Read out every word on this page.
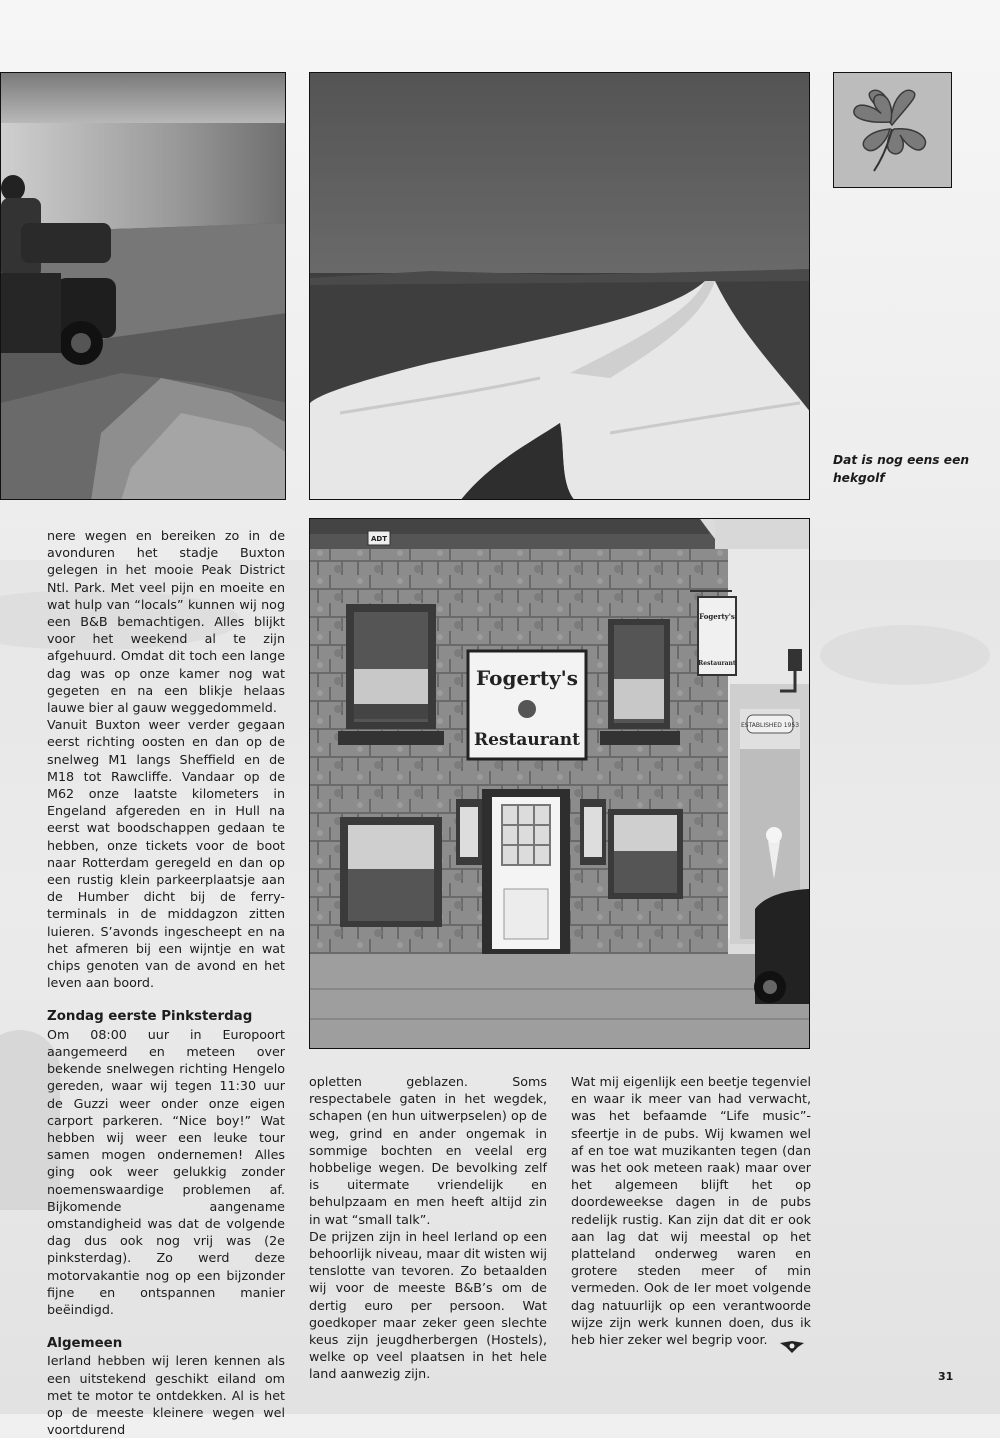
Dat is nog eens een hekgolf
ESTABLISHED 1953
Fogerty's
Restaurant
Fogerty's
Restaurant
ADT

nere wegen en bereiken zo in de avonduren het stadje Buxton gelegen in het mooie Peak District Ntl. Park. Met veel pijn en moeite en wat hulp van “locals” kunnen wij nog een B&B bemachtigen. Alles blijkt voor het weekend al te zijn afgehuurd. Omdat dit toch een lange dag was op onze kamer nog wat gegeten en na een blikje helaas lauwe bier al gauw weggedommeld.

Vanuit Buxton weer verder gegaan eerst richting oosten en dan op de snelweg M1 langs Sheffield en de M18 tot Rawcliffe. Vandaar op de M62 onze laatste kilometers in Engeland afgereden en in Hull na eerst wat boodschappen gedaan te hebben, onze tickets voor de boot naar Rotterdam geregeld en dan op een rustig klein parkeerplaatsje aan de Humber dicht bij de ferry-terminals in de middagzon zitten luieren. S’avonds ingescheept en na het afmeren bij een wijntje en wat chips genoten van de avond en het leven aan boord.

Zondag eerste Pinksterdag

Om 08:00 uur in Europoort aangemeerd en meteen over bekende snelwegen richting Hengelo gereden, waar wij tegen 11:30 uur de Guzzi weer onder onze eigen carport parkeren. “Nice boy!” Wat hebben wij weer een leuke tour samen mogen ondernemen! Alles ging ook weer gelukkig zonder noemenswaardige problemen af. Bijkomende aangename omstandigheid was dat de volgende dag dus ook nog vrij was (2e pinksterdag). Zo werd deze motorvakantie nog op een bijzonder fijne en ontspannen manier beëindigd.

Algemeen

Ierland hebben wij leren kennen als een uitstekend geschikt eiland om met te motor te ontdekken. Al is het op de meeste kleinere wegen wel voortdurend

opletten geblazen. Soms respectabele gaten in het wegdek, schapen (en hun uitwerpselen) op de weg, grind en ander ongemak in sommige bochten en veelal erg hobbelige wegen. De bevolking zelf is uitermate vriendelijk en behulpzaam en men heeft altijd zin in wat “small talk”.

De prijzen zijn in heel Ierland op een behoorlijk niveau, maar dit wisten wij tenslotte van tevoren. Zo betaalden wij voor de meeste B&B’s om de dertig euro per persoon. Wat goedkoper maar zeker geen slechte keus zijn jeugdherbergen (Hostels), welke op veel plaatsen in het hele land aanwezig zijn.

Wat mij eigenlijk een beetje tegenviel en waar ik meer van had verwacht, was het befaamde “Life music”- sfeertje in de pubs. Wij kwamen wel af en toe wat muzikanten tegen (dan was het ook meteen raak) maar over het algemeen blijft het op doordeweekse dagen in de pubs redelijk rustig. Kan zijn dat dit er ook aan lag dat wij meestal op het platteland onderweg waren en grotere steden meer of min vermeden. Ook de Ier moet volgende dag natuurlijk op een verantwoorde wijze zijn werk kunnen doen, dus ik heb hier zeker wel begrip voor.

31
